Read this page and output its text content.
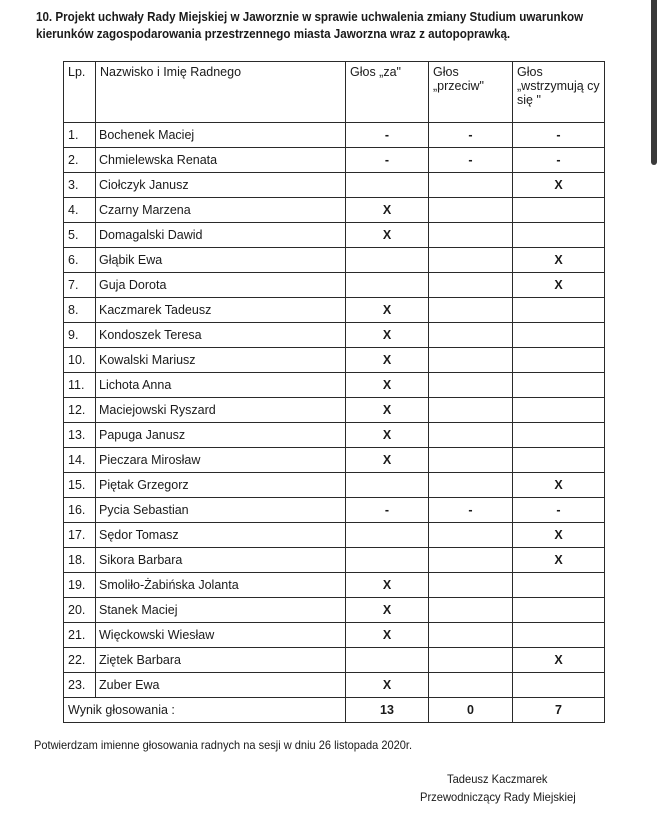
10. Projekt uchwały Rady Miejskiej w Jaworznie w sprawie uchwalenia zmiany Studium uwarunkow
kierunków zagospodarowania przestrzennego miasta Jaworzna wraz z autopoprawką.
Lp.	Nazwisko i Imię Radnego	Głos „za"	Głos „przeciw"	Głos „wstrzymują cy się "
1.	Bochenek Maciej	-	-	-
2.	Chmielewska Renata	-	-	-
3.	Ciołczyk Janusz			X
4.	Czarny Marzena	X		
5.	Domagalski Dawid	X		
6.	Głąbik Ewa			X
7.	Guja Dorota			X
8.	Kaczmarek Tadeusz	X		
9.	Kondoszek Teresa	X		
10.	Kowalski Mariusz	X		
11.	Lichota Anna	X		
12.	Maciejowski Ryszard	X		
13.	Papuga Janusz	X		
14.	Pieczara Mirosław	X		
15.	Piętak Grzegorz			X
16.	Pycia Sebastian	-	-	-
17.	Sędor Tomasz			X
18.	Sikora Barbara			X
19.	Smoliło-Żabińska Jolanta	X		
20.	Stanek Maciej	X		
21.	Więckowski Wiesław	X		
22.	Ziętek Barbara			X
23.	Zuber Ewa	X		
Wynik głosowania :		13	0	7
Potwierdzam imienne głosowania radnych na sesji w dniu 26 listopada 2020r.
Tadeusz Kaczmarek
Przewodniczący Rady Miejskiej
